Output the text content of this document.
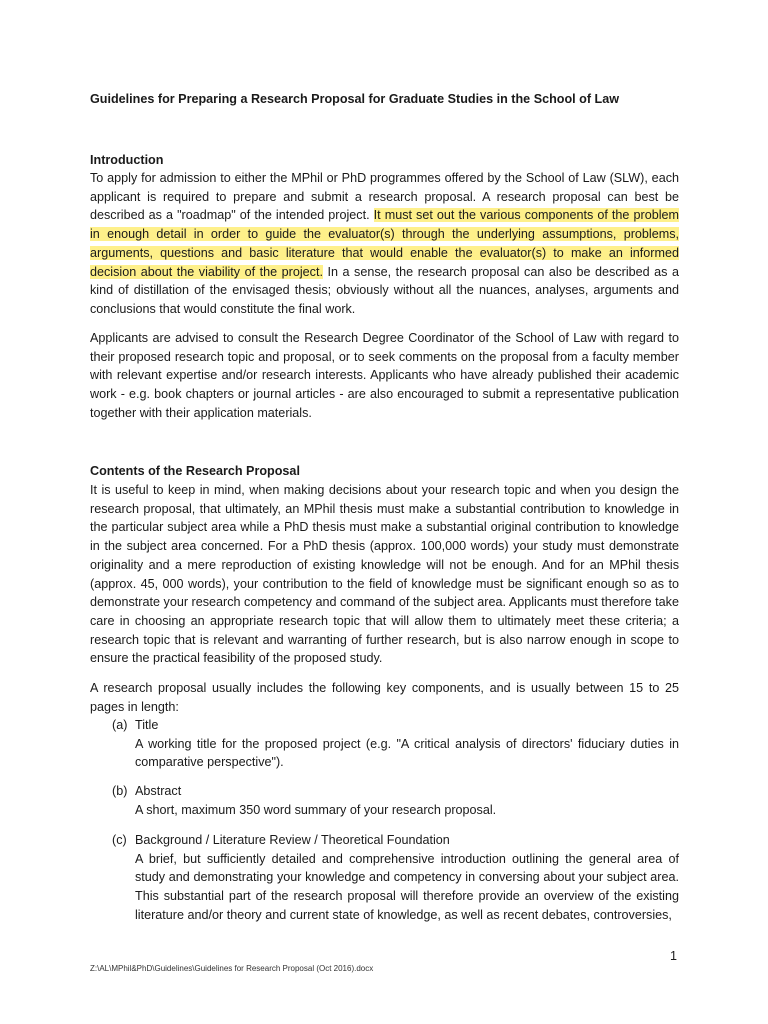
Guidelines for Preparing a Research Proposal for Graduate Studies in the School of Law
Introduction
To apply for admission to either the MPhil or PhD programmes offered by the School of Law (SLW), each applicant is required to prepare and submit a research proposal. A research proposal can best be described as a "roadmap" of the intended project. It must set out the various components of the problem in enough detail in order to guide the evaluator(s) through the underlying assumptions, problems, arguments, questions and basic literature that would enable the evaluator(s) to make an informed decision about the viability of the project. In a sense, the research proposal can also be described as a kind of distillation of the envisaged thesis; obviously without all the nuances, analyses, arguments and conclusions that would constitute the final work.
Applicants are advised to consult the Research Degree Coordinator of the School of Law with regard to their proposed research topic and proposal, or to seek comments on the proposal from a faculty member with relevant expertise and/or research interests. Applicants who have already published their academic work - e.g. book chapters or journal articles - are also encouraged to submit a representative publication together with their application materials.
Contents of the Research Proposal
It is useful to keep in mind, when making decisions about your research topic and when you design the research proposal, that ultimately, an MPhil thesis must make a substantial contribution to knowledge in the particular subject area while a PhD thesis must make a substantial original contribution to knowledge in the subject area concerned. For a PhD thesis (approx. 100,000 words) your study must demonstrate originality and a mere reproduction of existing knowledge will not be enough. And for an MPhil thesis (approx. 45, 000 words), your contribution to the field of knowledge must be significant enough so as to demonstrate your research competency and command of the subject area. Applicants must therefore take care in choosing an appropriate research topic that will allow them to ultimately meet these criteria; a research topic that is relevant and warranting of further research, but is also narrow enough in scope to ensure the practical feasibility of the proposed study.
A research proposal usually includes the following key components, and is usually between 15 to 25 pages in length:
(a) Title
A working title for the proposed project (e.g. "A critical analysis of directors' fiduciary duties in comparative perspective").
(b) Abstract
A short, maximum 350 word summary of your research proposal.
(c) Background / Literature Review / Theoretical Foundation
A brief, but sufficiently detailed and comprehensive introduction outlining the general area of study and demonstrating your knowledge and competency in conversing about your subject area. This substantial part of the research proposal will therefore provide an overview of the existing literature and/or theory and current state of knowledge, as well as recent debates, controversies,
1
Z:\AL\MPhil&PhD\Guidelines\Guidelines for Research Proposal (Oct 2016).docx
